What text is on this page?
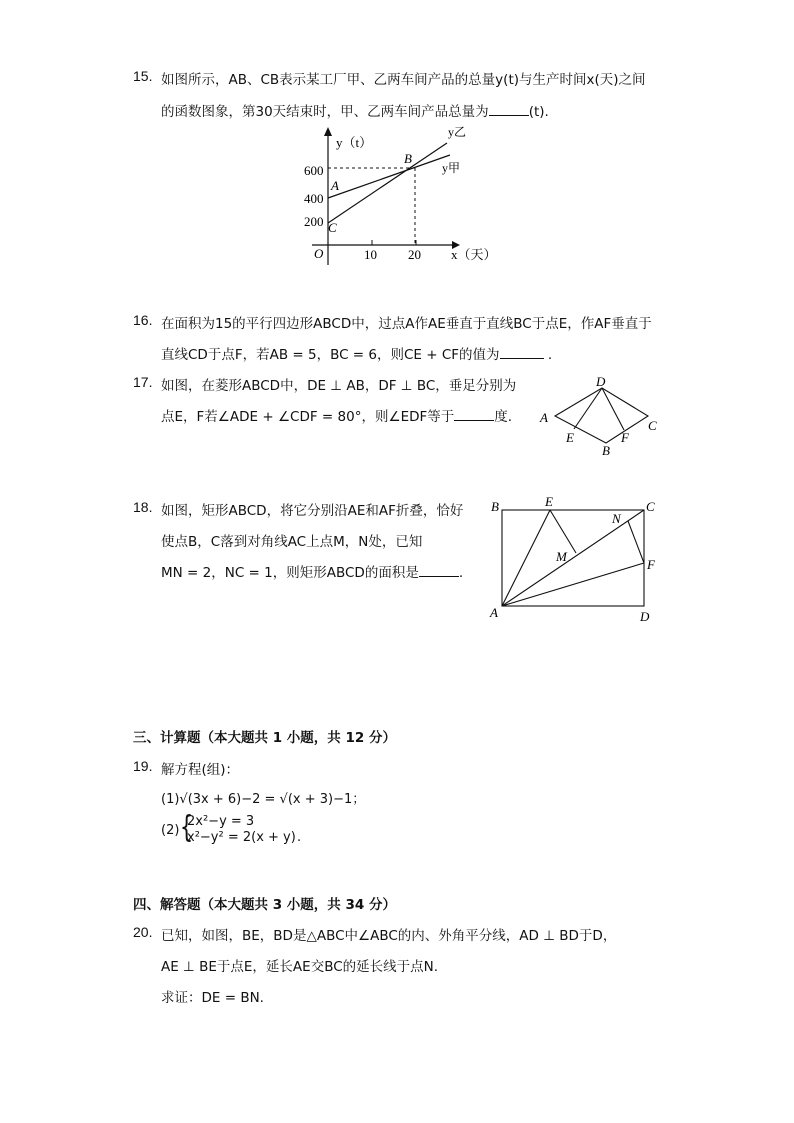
15. 如图所示，AB、CB表示某工厂甲、乙两车间产品的总量y(t)与生产时间x(天)之间
的函数图象，第30天结束时，甲、乙两车间产品总量为	(t).
y（t）
x（天）
O
600
400
200
10 20
A
B
C
y乙
y甲
16. 在面积为15的平行四边形ABCD中，过点A作AE垂直于直线BC于点E，作AF垂直于
直线CD于点F，若AB = 5，BC = 6，则CE + CF的值为	.
17. 如图，在菱形ABCD中，DE ⊥ AB，DF ⊥ BC，垂足分别为
点E，F若∠ADE + ∠CDF = 80°，则∠EDF等于	度.
D
A
C
E	F
B
18. 如图，矩形ABCD，将它分别沿AE和AF折叠，恰好
使点B，C落到对角线AC上点M，N处，已知
MN = 2，NC = 1，则矩形ABCD的面积是	.
B	E	C
N
M
F
A	D
三、计算题（本大题共 1 小题，共 12 分）
19. 解方程(组)：
(1)√(3x + 6)−2 = √(x + 3)−1；
(2) {
2x²−y = 3
x²−y² = 2(x + y) .
四、解答题（本大题共 3 小题，共 34 分）
20. 已知，如图，BE，BD是△ABC中∠ABC的内、外角平分线，AD ⊥ BD于D，
AE ⊥ BE于点E，延长AE交BC的延长线于点N.
求证：DE = BN.
